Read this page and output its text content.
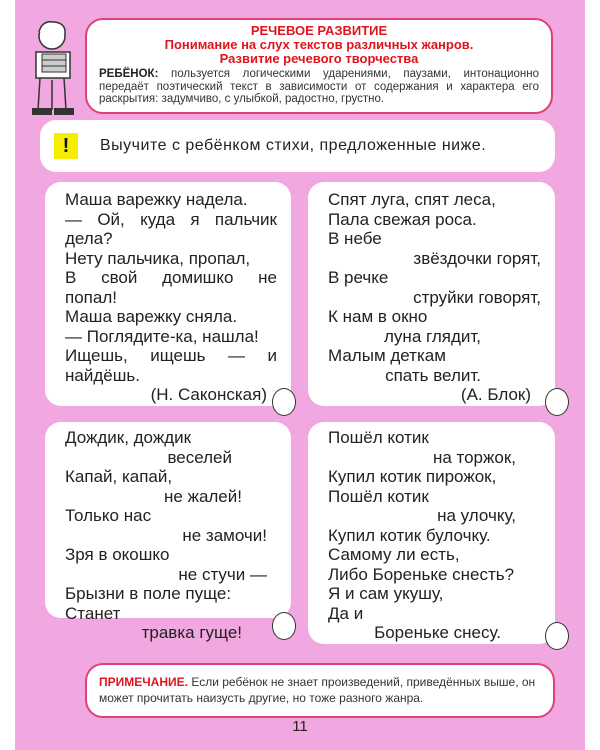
РЕЧЕВОЕ РАЗВИТИЕ
Понимание на слух текстов различных жанров.
Развитие речевого творчества
РЕБЁНОК: пользуется логическими ударениями, паузами, интонационно передаёт поэтический текст в зависимости от содержания и характера его раскрытия: задумчиво, с улыбкой, радостно, грустно.
!	Выучите с ребёнком стихи, предложенные ниже.
Маша варежку надела.
— Ой, куда я пальчик
дела?
Нету пальчика, пропал,
В свой домишко не
попал!
Маша варежку сняла.
— Поглядите-ка, нашла!
Ищешь, ищешь — и
найдёшь.
(Н. Саконская)
Спят луга, спят леса,
Пала свежая роса.
В небе
звёздочки горят,
В речке
струйки говорят,
К нам в окно
луна глядит,
Малым деткам
спать велит.
(А. Блок)
Дождик, дождик
веселей
Капай, капай,
не жалей!
Только нас
не замочи!
Зря в окошко
не стучи —
Брызни в поле пуще:
Станет
травка гуще!
Пошёл котик
на торжок,
Купил котик пирожок,
Пошёл котик
на улочку,
Купил котик булочку.
Самому ли есть,
Либо Бореньке снесть?
Я и сам укушу,
Да и
Бореньке снесу.
ПРИМЕЧАНИЕ. Если ребёнок не знает произведений, приведённых выше, он может прочитать наизусть другие, но тоже разного жанра.
11
